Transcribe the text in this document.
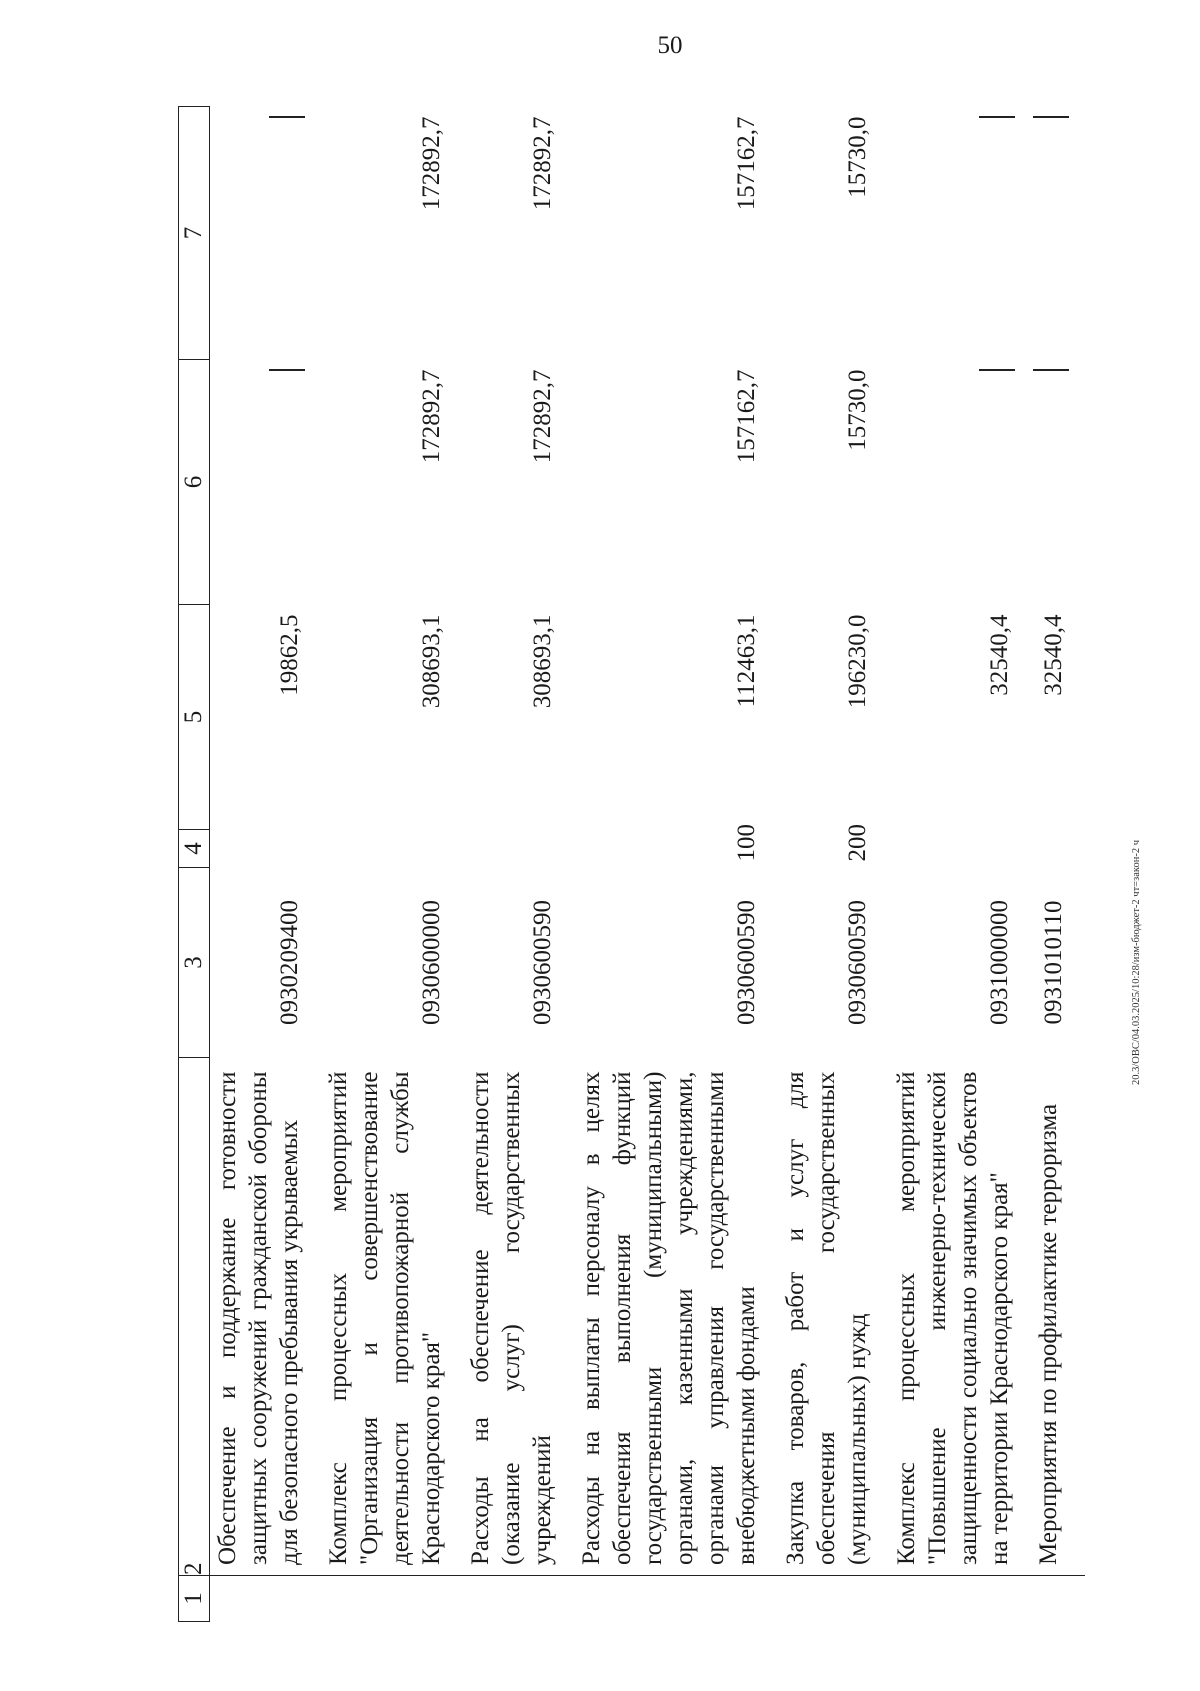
50
20.3/ОВС/04.03.2025/10:28/изм-бюджет-2 чт=закон-2 ч
1	2	3	4	5	6	7
	Обеспечение и поддержание готовности защитных сооружений гражданской обороны для безопасного пребывания укрываемых	0930209400		19862,5		
	Комплекс процессных мероприятий "Организация и совершенствование деятельности противопожарной службы Краснодарского края"	0930600000		308693,1	172892,7	172892,7
	Расходы на обеспечение деятельности (оказание услуг) государственных учреждений	0930600590		308693,1	172892,7	172892,7
	Расходы на выплаты персоналу в целях обеспечения выполнения функций государственными (муниципальными) органами, казенными учреждениями, органами управления государственными внебюджетными фондами	0930600590	100	112463,1	157162,7	157162,7
	Закупка товаров, работ и услуг для обеспечения государственных (муниципальных) нужд	0930600590	200	196230,0	15730,0	15730,0
	Комплекс процессных мероприятий "Повышение инженерно-технической защищенности социально значимых объектов на территории Краснодарского края"	0931000000		32540,4		
	Мероприятия по профилактике терроризма	0931010110		32540,4		
